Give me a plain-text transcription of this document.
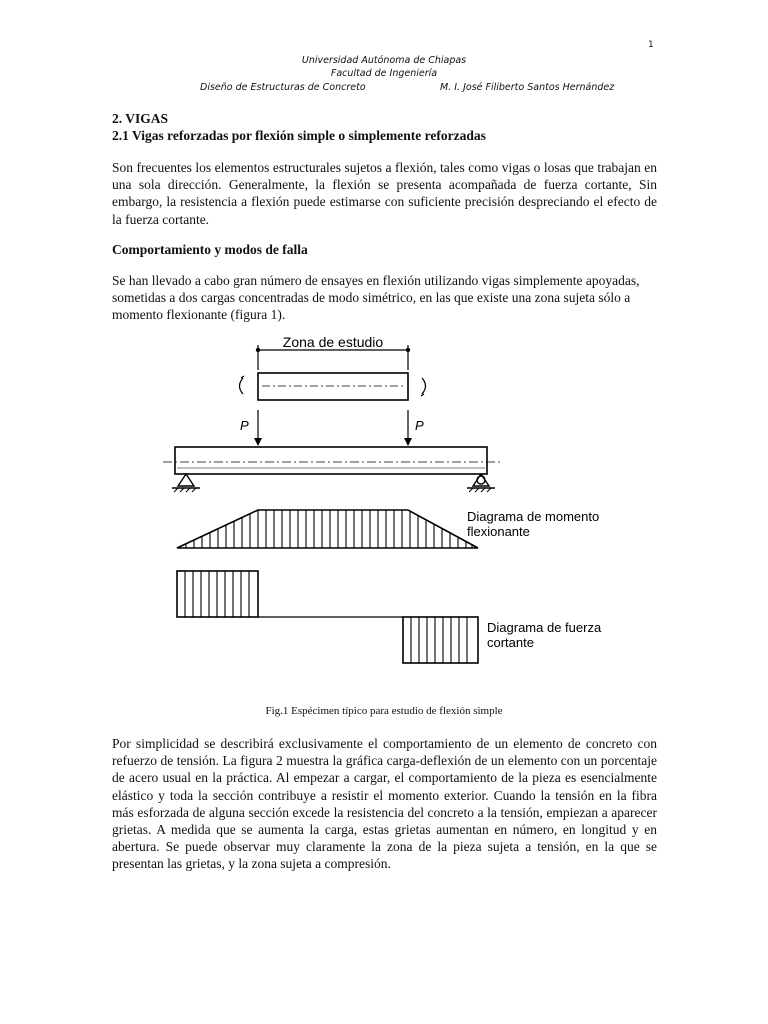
1
Universidad Autónoma de Chiapas
Facultad de Ingeniería
Diseño de Estructuras de Concreto	M. I. José Filiberto Santos Hernández
2. VIGAS
2.1 Vigas reforzadas por flexión simple o simplemente reforzadas

Son frecuentes los elementos estructurales sujetos a flexión, tales como vigas o losas que trabajan en una sola dirección. Generalmente, la flexión se presenta acompañada de fuerza cortante, Sin embargo, la resistencia a flexión puede estimarse con suficiente precisión despreciando el efecto de la fuerza cortante.

Comportamiento y modos de falla

Se han llevado a cabo gran número de ensayes en flexión utilizando vigas simplemente apoyadas, sometidas a dos cargas concentradas de modo simétrico, en las que existe una zona sujeta sólo a momento flexionante (figura 1).

Zona de estudio
P	P
Diagrama de momento
flexionante
Diagrama de fuerza
cortante
Fig.1 Espécimen típico para estudio de flexión simple

Por simplicidad se describirá exclusivamente el comportamiento de un elemento de concreto con refuerzo de tensión. La figura 2 muestra la gráfica carga-deflexión de un elemento con un porcentaje de acero usual en la práctica. Al empezar a cargar, el comportamiento de la pieza es esencialmente elástico y toda la sección contribuye a resistir el momento exterior. Cuando la tensión en la fibra más esforzada de alguna sección excede la resistencia del concreto a la tensión, empiezan a aparecer grietas. A medida que se aumenta la carga, estas grietas aumentan en número, en longitud y en abertura. Se puede observar muy claramente la zona de la pieza sujeta a tensión, en la que se presentan las grietas, y la zona sujeta a compresión.
